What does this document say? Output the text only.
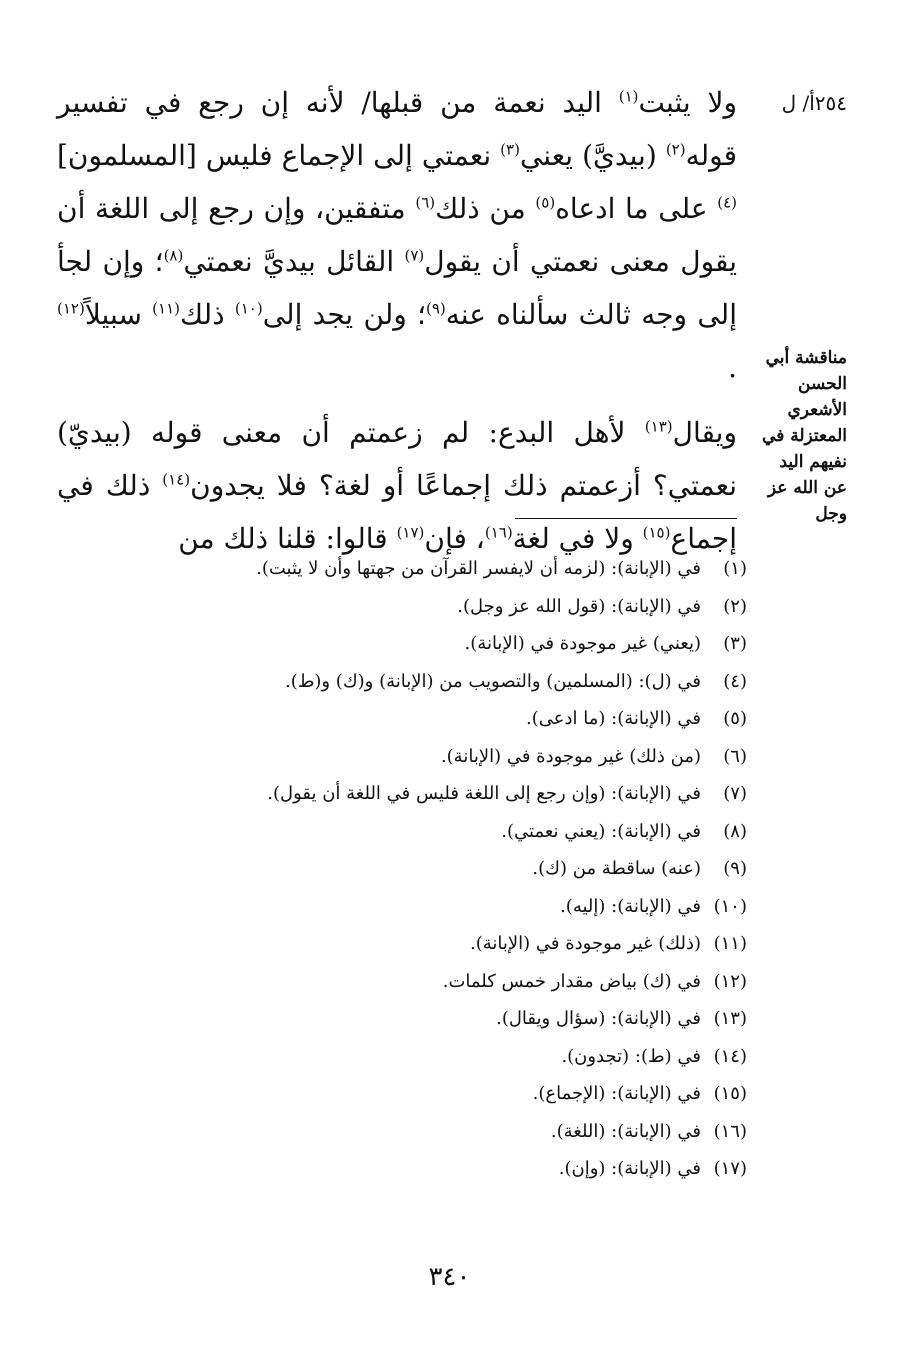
٢٥٤أ/ ل
مناقشة أبي الحسن الأشعري المعتزلة في نفيهم اليد عن الله عز وجل

ولا يثبت$^{(١)}$ اليد نعمة من قبلها/ لأنه إن رجع في تفسير قوله$^{(٢)}$ (بيديَّ) يعني$^{(٣)}$ نعمتي إلى الإجماع فليس [المسلمون]$^{(٤)}$ على ما ادعاه$^{(٥)}$ من ذلك$^{(٦)}$ متفقين، وإن رجع إلى اللغة أن يقول معنى نعمتي أن يقول$^{(٧)}$ القائل بيديَّ نعمتي$^{(٨)}$؛ وإن لجأ إلى وجه ثالث سألناه عنه$^{(٩)}$؛ ولن يجد إلى$^{(١٠)}$ ذلك$^{(١١)}$ سبيلاً$^{(١٢)}$ .

ويقال$^{(١٣)}$ لأهل البدع: لم زعمتم أن معنى قوله (بيديّ) نعمتي؟ أزعمتم ذلك إجماعًا أو لغة؟ فلا يجدون$^{(١٤)}$ ذلك في إجماع$^{(١٥)}$ ولا في لغة$^{(١٦)}$، فإن$^{(١٧)}$ قالوا: قلنا ذلك من

(١)في (الإبانة): (لزمه أن لايفسر القرآن من جهتها وأن لا يثبت).
(٢)في (الإبانة): (قول الله عز وجل).
(٣)(يعني) غير موجودة في (الإبانة).
(٤)في (ل): (المسلمين) والتصويب من (الإبانة) و(ك) و(ط).
(٥)في (الإبانة): (ما ادعى).
(٦)(من ذلك) غير موجودة في (الإبانة).
(٧)في (الإبانة): (وإن رجع إلى اللغة فليس في اللغة أن يقول).
(٨)في (الإبانة): (يعني نعمتي).
(٩)(عنه) ساقطة من (ك).
(١٠)في (الإبانة): (إليه).
(١١)(ذلك) غير موجودة في (الإبانة).
(١٢)في (ك) بياض مقدار خمس كلمات.
(١٣)في (الإبانة): (سؤال ويقال).
(١٤)في (ط): (تجدون).
(١٥)في (الإبانة): (الإجماع).
(١٦)في (الإبانة): (اللغة).
(١٧)في (الإبانة): (وإن).
٣٤٠
